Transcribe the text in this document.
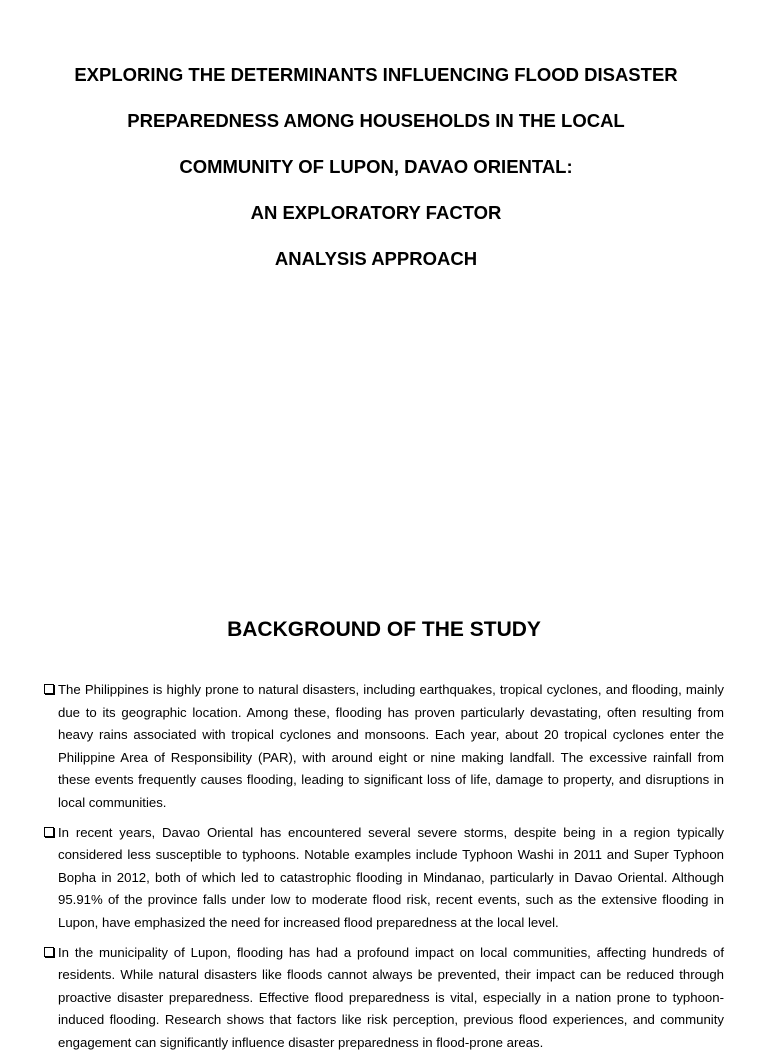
EXPLORING THE DETERMINANTS INFLUENCING FLOOD DISASTER
PREPAREDNESS AMONG HOUSEHOLDS IN THE LOCAL
COMMUNITY OF LUPON, DAVAO ORIENTAL:
AN EXPLORATORY FACTOR
ANALYSIS APPROACH
BACKGROUND OF THE STUDY
The Philippines is highly prone to natural disasters, including earthquakes, tropical cyclones, and flooding, mainly due to its geographic location. Among these, flooding has proven particularly devastating, often resulting from heavy rains associated with tropical cyclones and monsoons. Each year, about 20 tropical cyclones enter the Philippine Area of Responsibility (PAR), with around eight or nine making landfall. The excessive rainfall from these events frequently causes flooding, leading to significant loss of life, damage to property, and disruptions in local communities.
In recent years, Davao Oriental has encountered several severe storms, despite being in a region typically considered less susceptible to typhoons. Notable examples include Typhoon Washi in 2011 and Super Typhoon Bopha in 2012, both of which led to catastrophic flooding in Mindanao, particularly in Davao Oriental. Although 95.91% of the province falls under low to moderate flood risk, recent events, such as the extensive flooding in Lupon, have emphasized the need for increased flood preparedness at the local level.
In the municipality of Lupon, flooding has had a profound impact on local communities, affecting hundreds of residents. While natural disasters like floods cannot always be prevented, their impact can be reduced through proactive disaster preparedness. Effective flood preparedness is vital, especially in a nation prone to typhoon-induced flooding. Research shows that factors like risk perception, previous flood experiences, and community engagement can significantly influence disaster preparedness in flood-prone areas.
